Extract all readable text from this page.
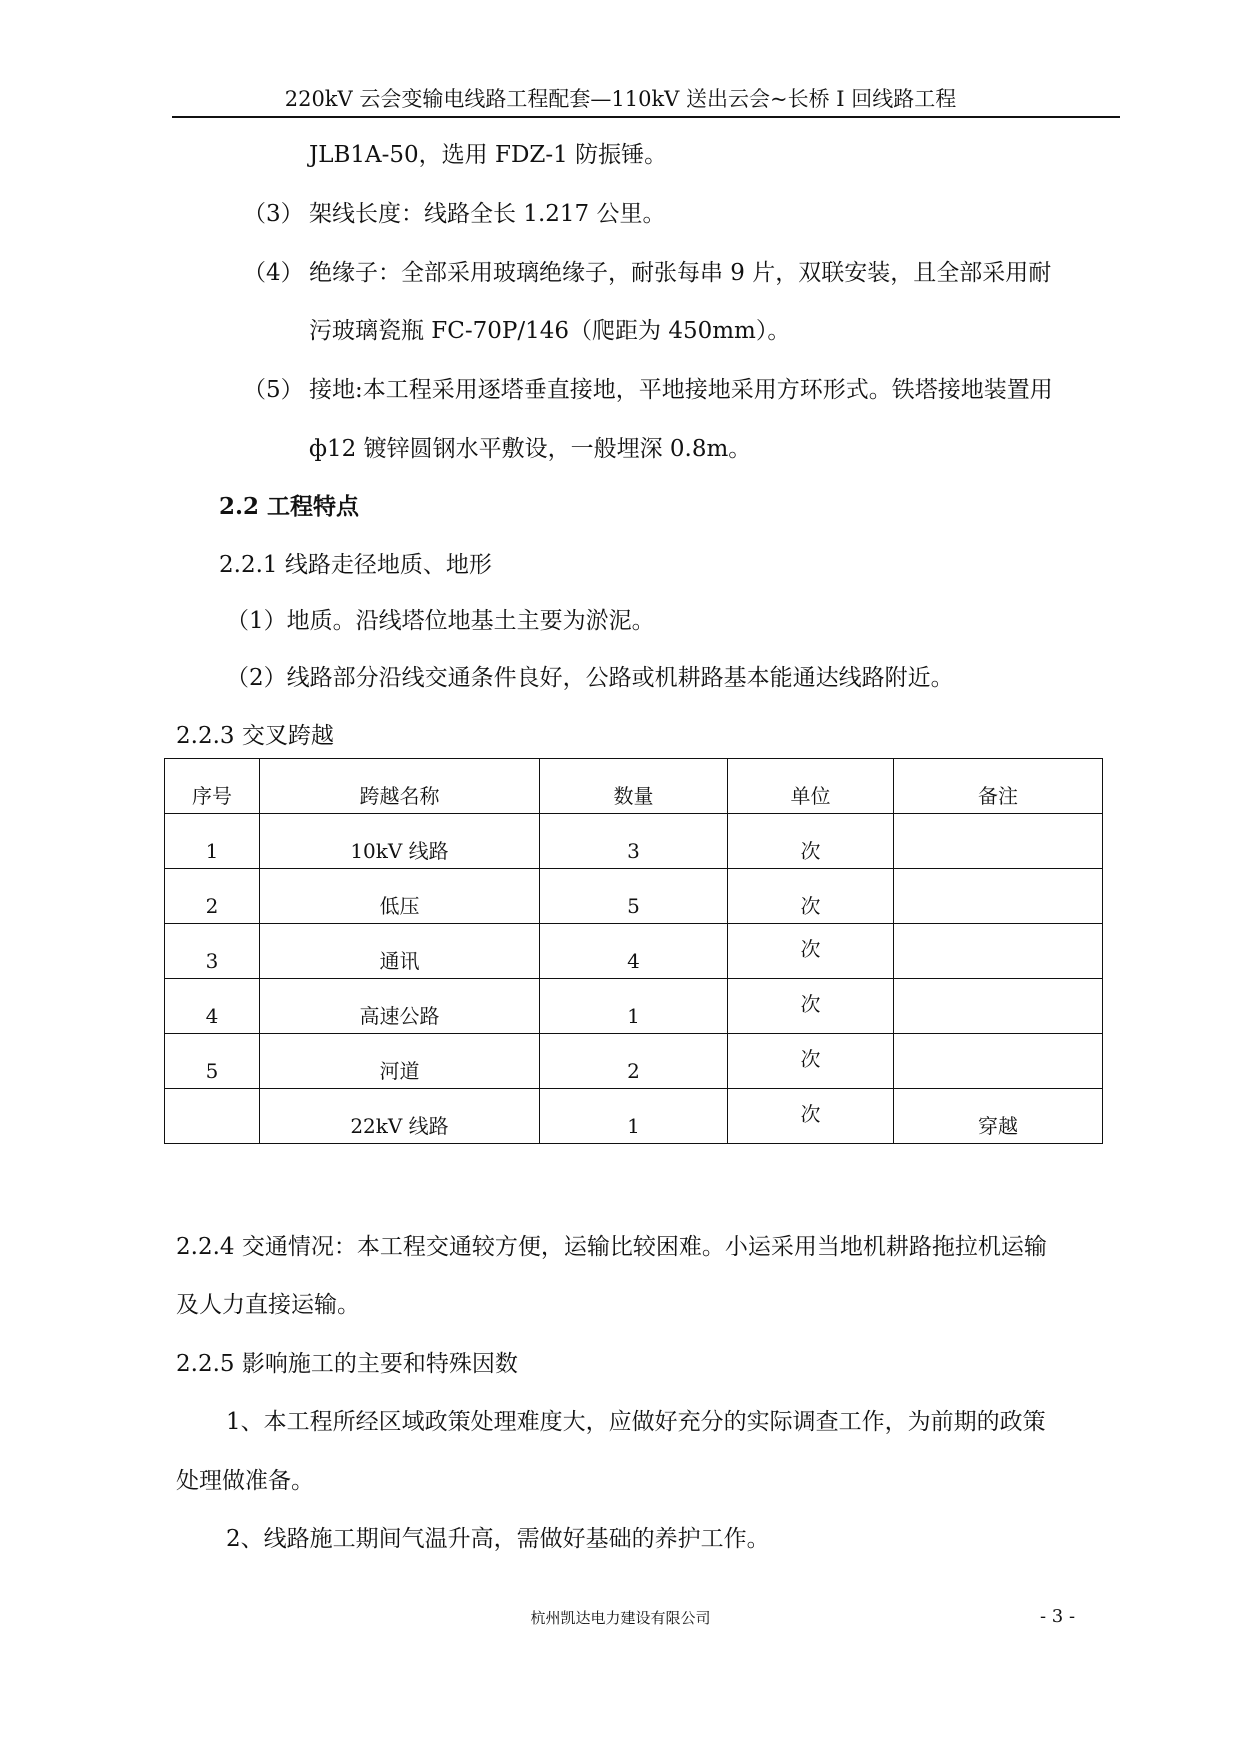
220kV 云会变输电线路工程配套—110kV 送出云会~长桥 I 回线路工程
JLB1A-50，选用 FDZ-1 防振锤。
（3） 架线长度：线路全长 1.217 公里。
（4） 绝缘子：全部采用玻璃绝缘子，耐张每串 9 片，双联安装，且全部采用耐
污玻璃瓷瓶 FC-70P/146（爬距为 450mm）。
（5） 接地:本工程采用逐塔垂直接地，平地接地采用方环形式。铁塔接地装置用
ф12 镀锌圆钢水平敷设，一般埋深 0.8m。
2.2 工程特点
2.2.1 线路走径地质、地形
（1）地质。沿线塔位地基土主要为淤泥。
（2）线路部分沿线交通条件良好，公路或机耕路基本能通达线路附近。
2.2.3 交叉跨越
序号	跨越名称	数量	单位	备注
1	10kV 线路	3	次	
2	低压	5	次	
3	通讯	4	次	
4	高速公路	1	次	
5	河道	2	次	
	22kV 线路	1	次	穿越
2.2.4 交通情况：本工程交通较方便，运输比较困难。小运采用当地机耕路拖拉机运输
及人力直接运输。
2.2.5 影响施工的主要和特殊因数
1、本工程所经区域政策处理难度大，应做好充分的实际调查工作，为前期的政策
处理做准备。
2、线路施工期间气温升高，需做好基础的养护工作。
杭州凯达电力建设有限公司	- 3 -
